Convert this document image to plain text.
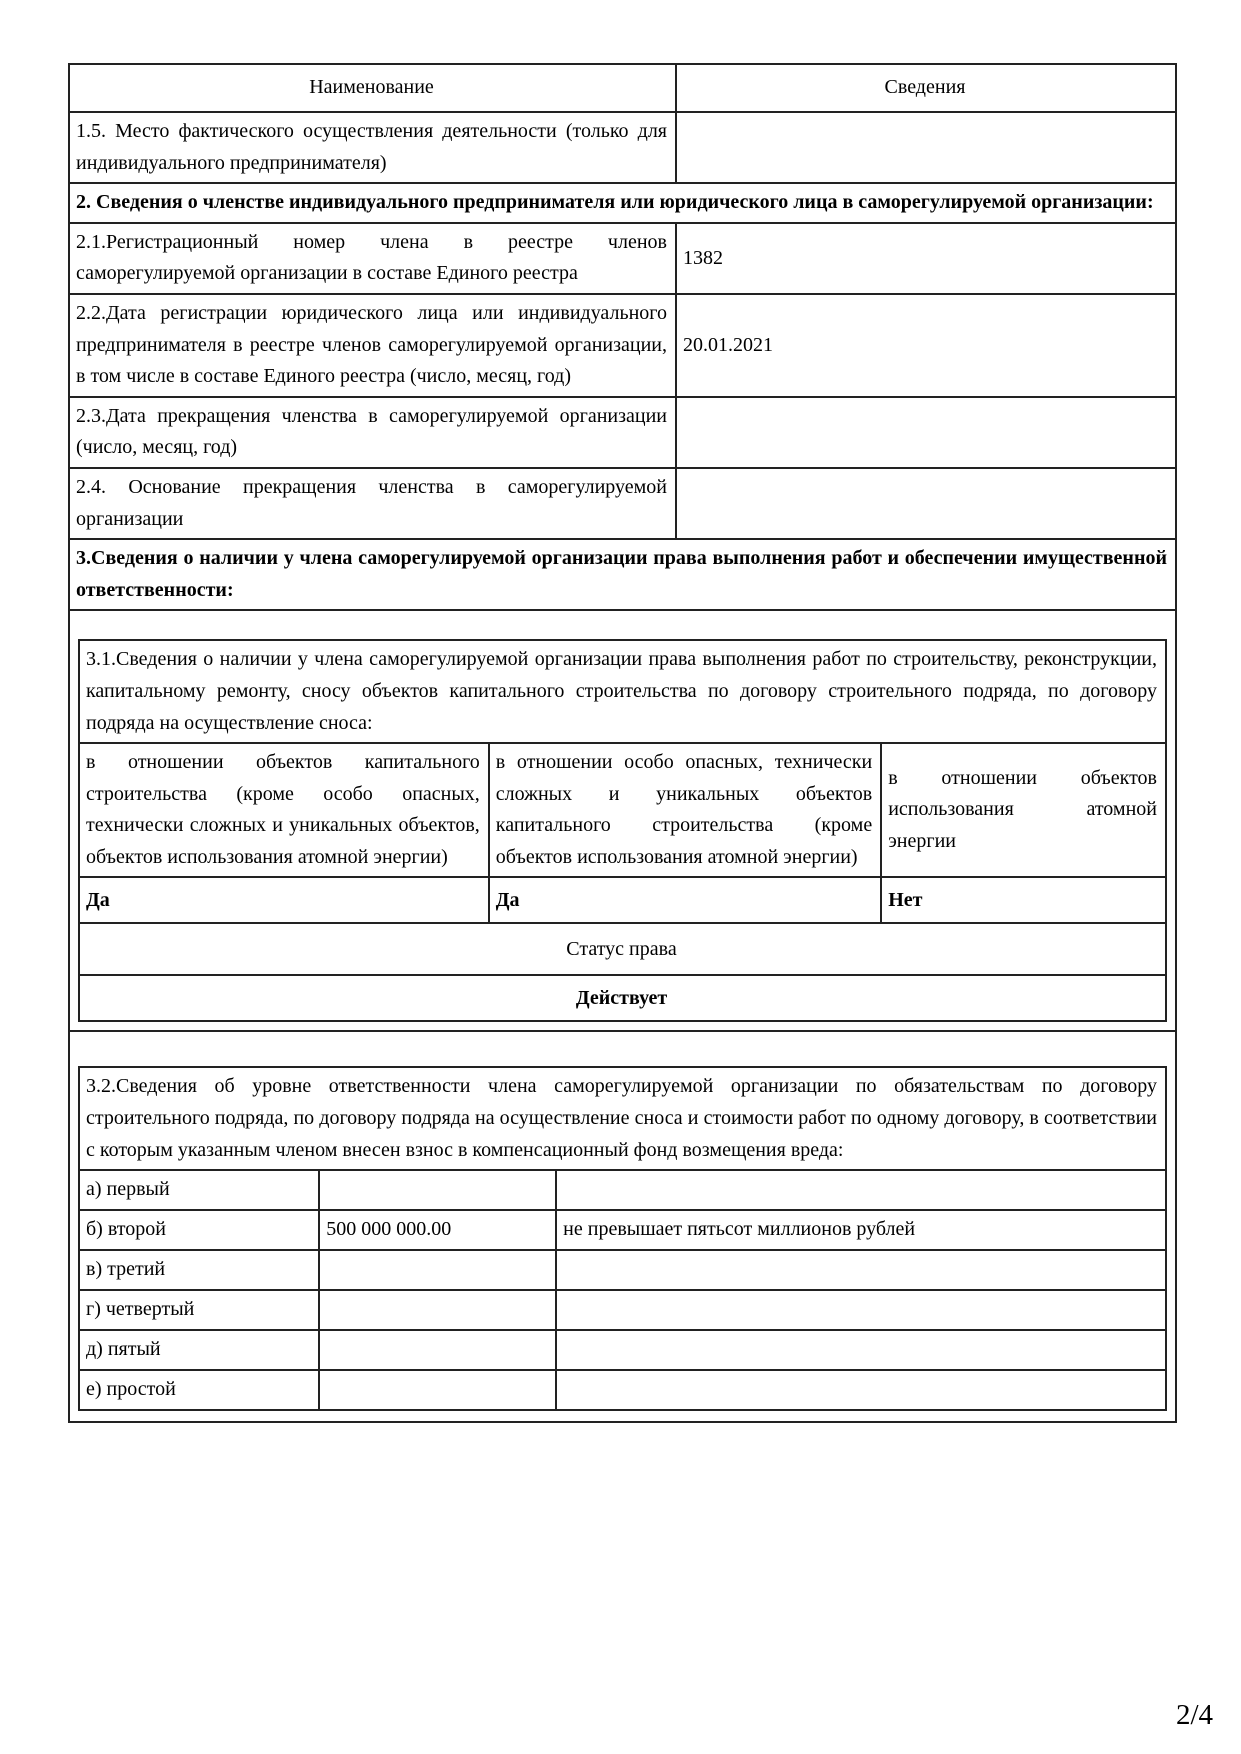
Наименование	Сведения
1.5. Место фактического осуществления деятельности (только для индивидуального предпринимателя)	
2. Сведения о членстве индивидуального предпринимателя или юридического лица в саморегулируемой организации:
2.1.Регистрационный номер члена в реестре членов саморегулируемой организации в составе Единого реестра	1382
2.2.Дата регистрации юридического лица или индивидуального предпринимателя в реестре членов саморегулируемой организации, в том числе в составе Единого реестра (число, месяц, год)	20.01.2021
2.3.Дата прекращения членства в саморегулируемой организации (число, месяц, год)	
2.4. Основание прекращения членства в саморегулируемой организации	
3.Сведения о наличии у члена саморегулируемой организации права выполнения работ и обеспечении имущественной ответственности:

3.1.Сведения о наличии у члена саморегулируемой организации права выполнения работ по строительству, реконструкции, капитальному ремонту, сносу объектов капитального строительства по договору строительного подряда, по договору подряда на осуществление сноса:
в отношении объектов капитального строительства (кроме особо опасных, технически сложных и уникальных объектов, объектов использования атомной энергии)	в отношении особо опасных, технически сложных и уникальных объектов капитального строительства (кроме объектов использования атомной энергии)	в отношении объектов использования атомной энергии
Да	Да	Нет
Статус права
Действует

3.2.Сведения об уровне ответственности члена саморегулируемой организации по обязательствам по договору строительного подряда, по договору подряда на осуществление сноса и стоимости работ по одному договору, в соответствии с которым указанным членом внесен взнос в компенсационный фонд возмещения вреда:
а) первый		
б) второй	500 000 000.00	не превышает пятьсот миллионов рублей
в) третий		
г) четвертый		
д) пятый		
е) простой		
2/4
